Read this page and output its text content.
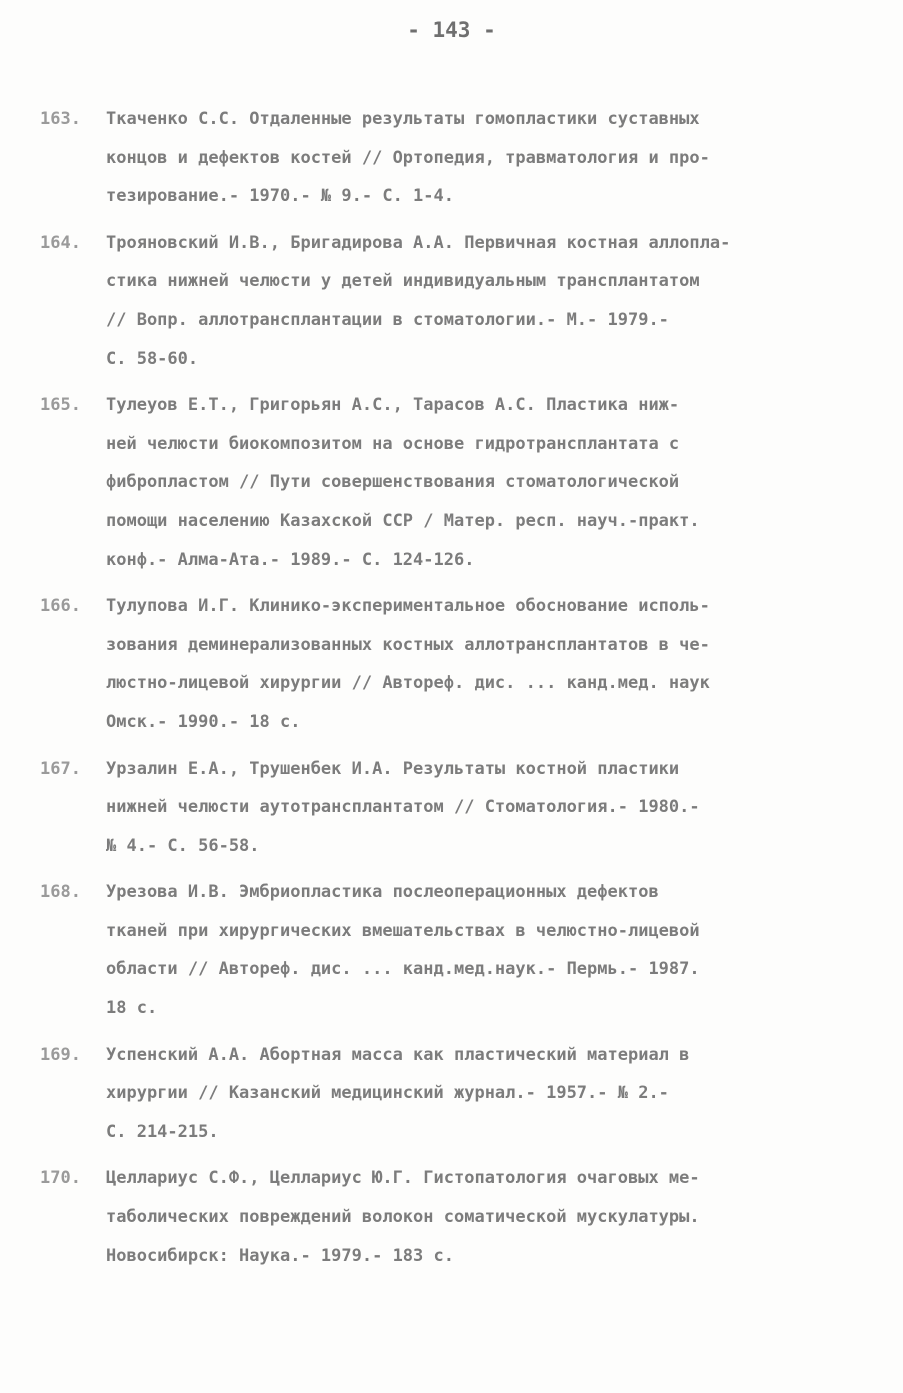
- 143 -
163.	Ткаченко С.С. Отдаленные результаты гомопластики суставных
концов и дефектов костей // Ортопедия, травматология и про-
тезирование.- 1970.- № 9.- С. 1-4.
164.	Трояновский И.В., Бригадирова А.А. Первичная костная аллопла-
стика нижней челюсти у детей индивидуальным трансплантатом
// Вопр. аллотрансплантации в стоматологии.- М.- 1979.-
С. 58-60.
165.	Тулеуов Е.Т., Григорьян А.С., Тарасов А.С. Пластика ниж-
ней челюсти биокомпозитом на основе гидротрансплантата с
фибропластом // Пути совершенствования стоматологической
помощи населению Казахской ССР / Матер. респ. науч.-практ.
конф.- Алма-Ата.- 1989.- С. 124-126.
166.	Тулупова И.Г. Клинико-экспериментальное обоснование исполь-
зования деминерализованных костных аллотрансплантатов в че-
люстно-лицевой хирургии // Автореф. дис. ... канд.мед. наук
Омск.- 1990.- 18 с.
167.	Урзалин Е.А., Трушенбек И.А. Результаты костной пластики
нижней челюсти аутотрансплантатом // Стоматология.- 1980.-
№ 4.- С. 56-58.
168.	Урезова И.В. Эмбриопластика послеоперационных дефектов
тканей при хирургических вмешательствах в челюстно-лицевой
области // Автореф. дис. ... канд.мед.наук.- Пермь.- 1987.
18 с.
169.	Успенский А.А. Абортная масса как пластический материал в
хирургии // Казанский медицинский журнал.- 1957.- № 2.-
С. 214-215.
170.	Целлариус С.Ф., Целлариус Ю.Г. Гистопатология очаговых ме-
таболических повреждений волокон соматической мускулатуры.
Новосибирск: Наука.- 1979.- 183 с.
